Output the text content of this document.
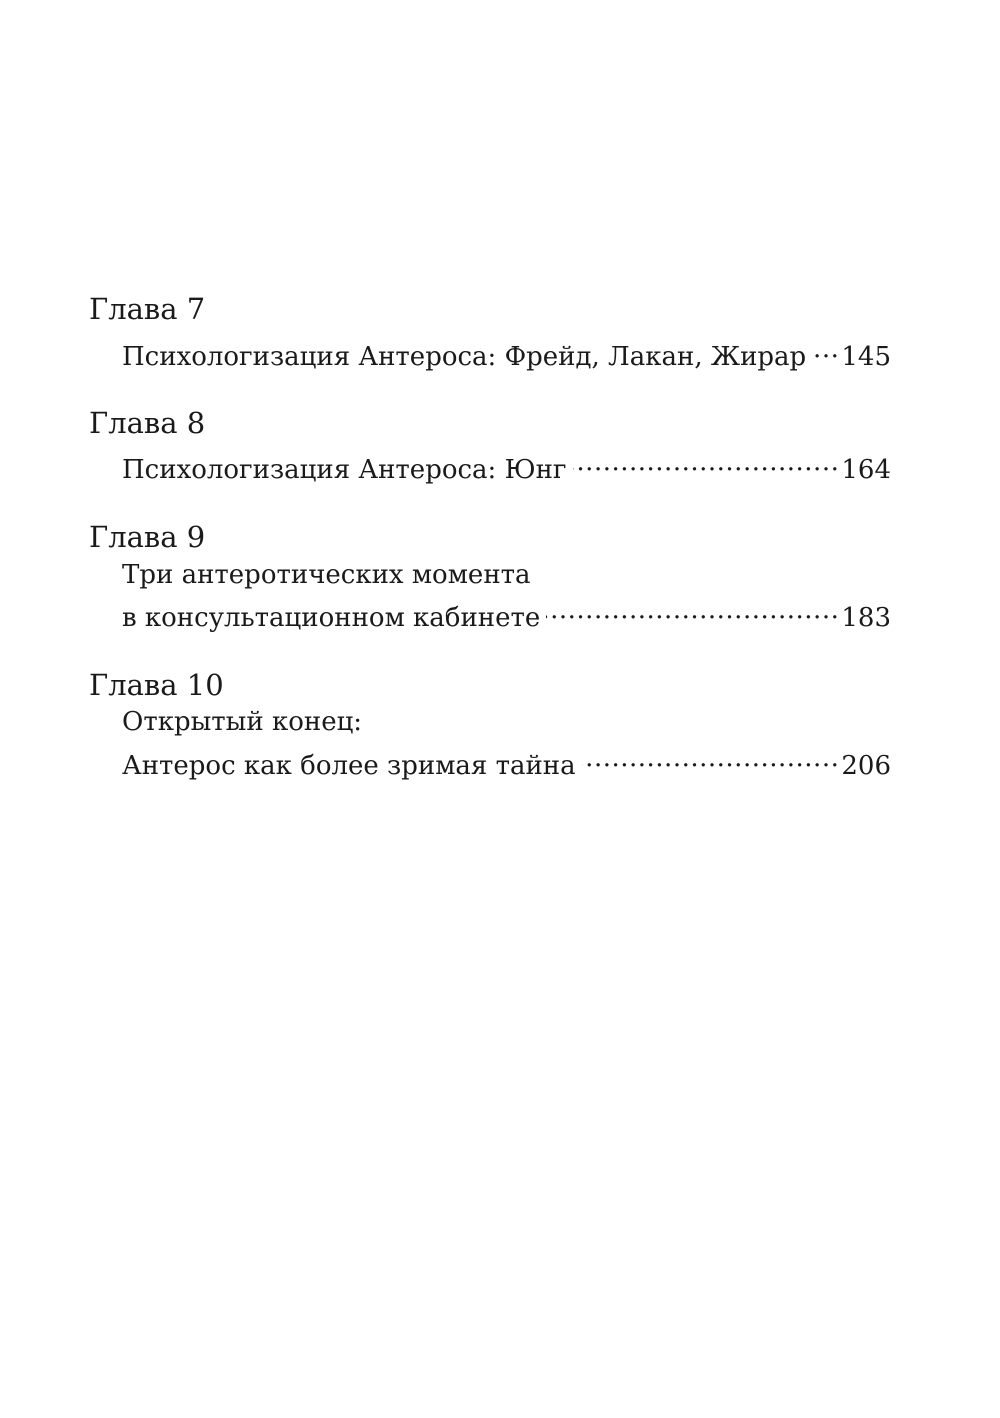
Глава 7
Психологизация Антероса: Фрейд, Лакан, Жирар ..... 145
Глава 8
Психологизация Антероса: Юнг .....	164
Глава 9
Три антеротических момента
в консультационном кабинете .....	183
Глава 10
Открытый конец:
Антерос как более зримая тайна .....	206
